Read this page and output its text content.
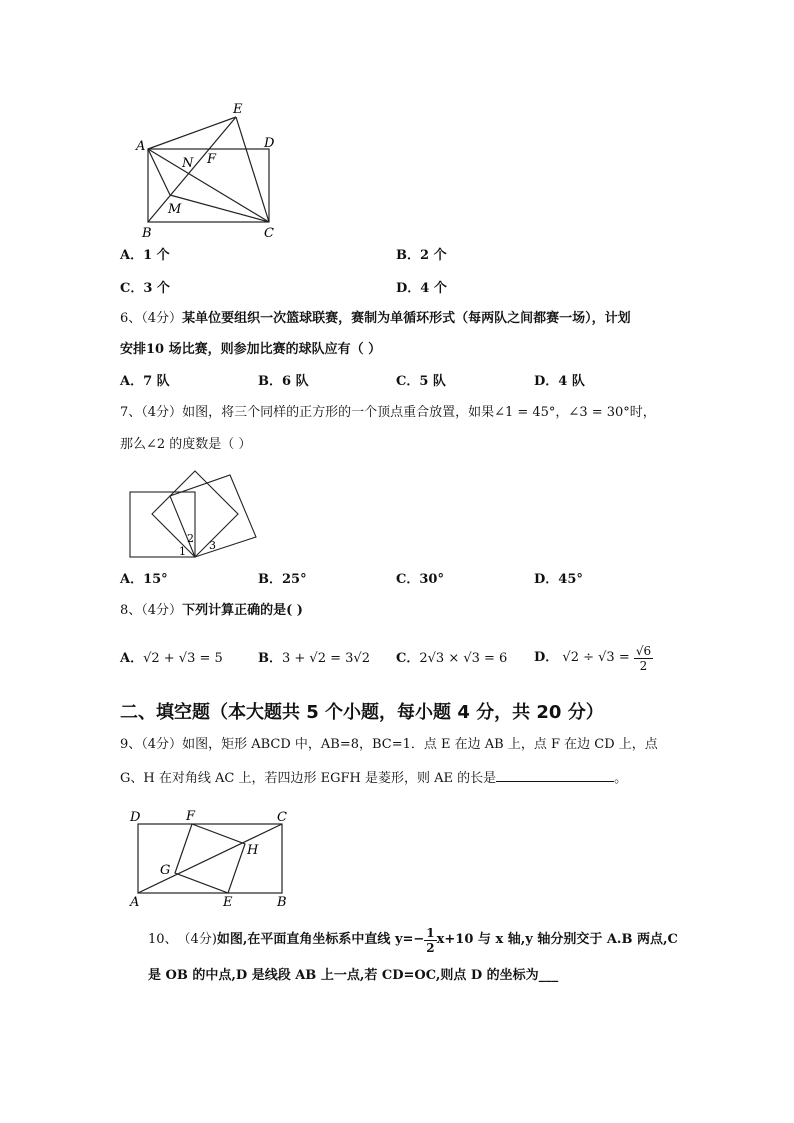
E
A	D
N F
M
B	C
A．1 个	B．2 个
C．3 个	D．4 个
6、（4分）某单位要组织一次篮球联赛，赛制为单循环形式（每两队之间都赛一场），计划
安排10 场比赛，则参加比赛的球队应有（ ）
A．7 队	B．6 队	C．5 队	D．4 队
7、（4分）如图，将三个同样的正方形的一个顶点重合放置，如果∠1 = 45°，∠3 = 30°时，
那么∠2 的度数是（ ）
1
2
3
A．15°	B．25°	C．30°	D．45°
8、（4分）下列计算正确的是( )
A．√2 + √3 = 5	B．3 + √2 = 3√2 C．2√3 × √3 = 6 D．
√2 ÷ √3 =
$\frac{√6}{2}$
二、填空题（本大题共 5 个小题，每小题 4 分，共 20 分）
9、（4分）如图，矩形 ABCD 中，AB=8，BC=1．点 E 在边 AB 上，点 F 在边 CD 上，点
G、H 在对角线 AC 上，若四边形 EGFH 是菱形，则 AE 的长是	。
D	F	C
H
G
A	E	B
10、 （4分) 如图,在平面直角坐标系中直线 $y=- \frac{1}{2} x+10$ 与 x 轴,y 轴分别交于 A.B 两点,C
是 OB 的中点,D 是线段 AB 上一点,若 CD=OC,则点 D 的坐标为___
